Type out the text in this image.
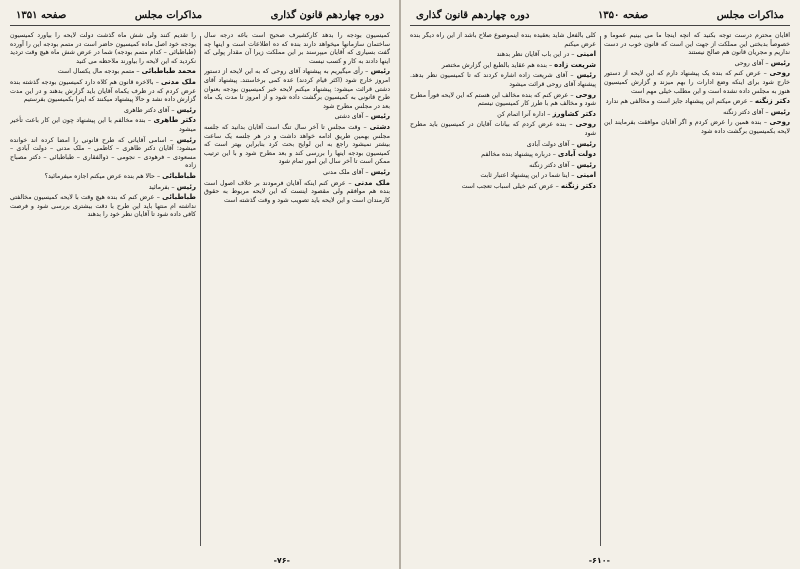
دوره چهاردهم قانون گذاری
مذاکرات مجلس
صفحه ۱۳۵۱
کمیسیون بودجه را بدهد کارکشیرف صحیح است باغه درجه سال ساختمان سازمانها میخواهد دارند بنده که ده اطلاعات است و اینها چه گفت بسیاری که آقایان میپرسند بر این مملکت زیرا آن مقدار پولی که اینها دادند به کار و کسب نیست
رئیس – رأی میگیریم به پیشنهاد آقای روحی که به این لایحه از دستور امروز خارج شود (اکثر قیام کردند) عده کمی برخاستند. پیشنهاد آقای دشتی قرائت میشود: پیشنهاد میکنم لایحه خبر کمیسیون بودجه بعنوان طرح قانونی به کمیسیون برگشت داده شود و از امروز تا مدت یک ماه بعد در مجلس مطرح شود
رئیس – آقای دشتی
دشتی – وقت مجلس تا آخر سال تنگ است آقایان بدانید که جلسه مجلس بهمین طریق ادامه خواهد داشت و در هر جلسه یک ساعت بیشتر نمیشود راجع به این لوایح بحث کرد بنابراین بهتر است که کمیسیون بودجه اینها را بررسی کند و بعد مطرح شود و با این ترتیب ممکن است تا آخر سال این امور تمام شود
رئیس – آقای ملک مدنی
ملک مدنی – عرض کنم اینکه آقایان فرمودند بر خلاف اصول است بنده هم موافقم ولی مقصود اینست که این لایحه مربوط به حقوق کارمندان است و این لایحه باید تصویب شود و وقت گذشته است
را تقدیم کنند ولی شش ماه گذشت دولت لایحه را بیاورد کمیسیون بودجه خود اصل ماده کمیسیون حاضر است در متمم بودجه این را آورده (طباطبائی – کدام متمم بودجه) شما در عرض شش ماه هیچ وقت تردید نکردید که این لایحه را بیاورند ملاحظه می کنید
محمد طباطبائی – متمم بودجه مال یکسال است
ملک مدنی – بالاخره قانون هم کلاه دارد کمیسیون بودجه گذشته بنده عرض کردم که در ظرف یکماه آقایان باید گزارش بدهند و در این مدت گزارش داده نشد و حالا پیشنهاد میکنند که اینرا بکمیسیون بفرستیم
رئیس – آقای دکتر طاهری
دکتر طاهری – بنده مخالفم با این پیشنهاد چون این کار باعث تأخیر میشود
رئیس – اسامی آقایانی که طرح قانونی را امضا کرده اند خوانده میشود: آقایان دکتر طاهری – کاظمی – ملک مدنی – دولت آبادی – مسعودی – فرهودی – نجومی – ذوالفقاری – طباطبائی – دکتر مصباح زاده
طباطبائی – حالا هم بنده عرض میکنم اجازه میفرمائید؟
رئیس – بفرمائید
طباطبائی – عرض کنم که بنده هیچ وقت با لایحه کمیسیون مخالفتی نداشته ام منتها باید این طرح با دقت بیشتری بررسی شود و فرصت کافی داده شود تا آقایان نظر خود را بدهند
-۷۶-
مذاکرات مجلس
صفحه ۱۳۵۰
دوره چهاردهم قانون گذاری
آقایان محترم درست توجه بکنید که آنچه اینجا ما می بینیم عموماً و خصوصاً بدبختی این مملکت از جهت این است که قانون خوب در دست نداریم و مجریان قانون هم صالح نیستند
رئیس – آقای روحی
روحی – عرض کنم که بنده یک پیشنهاد دارم که این لایحه از دستور خارج شود برای اینکه وضع ادارات را بهم میزند و گزارش کمیسیون هنوز به مجلس داده نشده است و این مطلب خیلی مهم است
دکتر زنگنه – عرض میکنم این پیشنهاد جایز است و مخالفی هم ندارد
رئیس – آقای دکتر زنگنه
روحی – بنده همین را عرض کردم و اگر آقایان موافقت بفرمایند این لایحه بکمیسیون برگشت داده شود
کلی بالفعل شاید بعقیده بنده اینموضوع صلاح باشد از این راه دیگر بنده عرض میکنم
امینی – در این باب آقایان نظر بدهند
شریعت زاده – بنده هم عقاید بالطبع این گزارش مختصر
رئیس – آقای شریعت زاده اشاره کردند که تا کمیسیون نظر بدهد. پیشنهاد آقای روحی قرائت میشود
روحی – عرض کنم که بنده مخالف این هستم که این لایحه فوراً مطرح شود و مخالف هم با طرز کار کمیسیون نیستم
دکتر کشاورز – اداره آنرا اتمام کن
روحی – بنده عرض کردم که بیانات آقایان در کمیسیون باید مطرح شود
رئیس – آقای دولت آبادی
دولت آبادی – درباره پیشنهاد بنده مخالفم
رئیس – آقای دکتر زنگنه
امینی – اینا شما در این پیشنهاد اعتبار ثابت
دکتر زنگنه – عرض کنم خیلی اسباب تعجب است
-۶۱۰-
